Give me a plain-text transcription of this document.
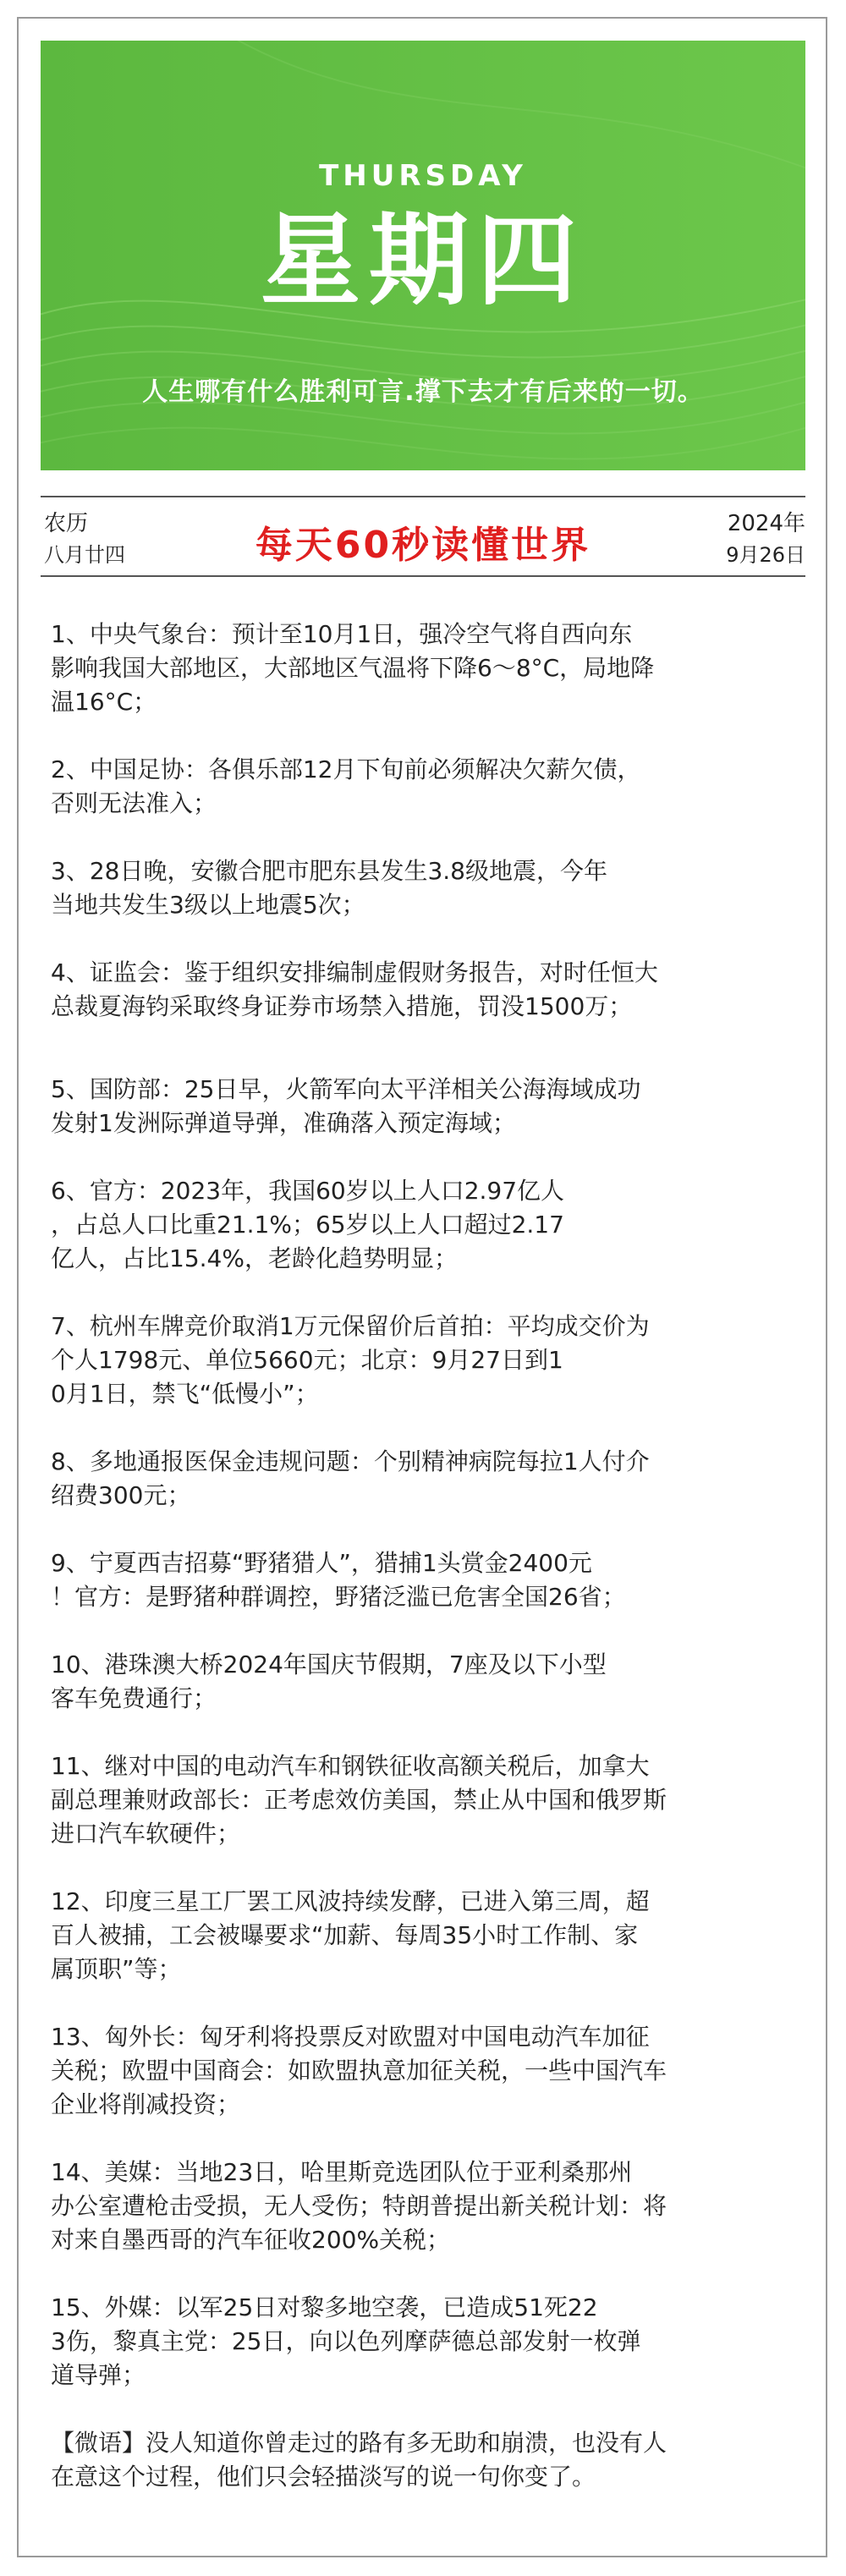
THURSDAY
星期四
人生哪有什么胜利可言.撑下去才有后来的一切。
农历
八月廿四
2024年
9月26日
每天60秒读懂世界
1、中央气象台：预计至10月1日，强冷空气将自西向东
影响我国大部地区，大部地区气温将下降6～8°C，局地降
温16°C；
2、中国足协：各俱乐部12月下旬前必须解决欠薪欠债，
否则无法准入；
3、28日晚，安徽合肥市肥东县发生3.8级地震，今年
当地共发生3级以上地震5次；
4、证监会：鉴于组织安排编制虚假财务报告，对时任恒大
总裁夏海钧采取终身证券市场禁入措施，罚没1500万；
5、国防部：25日早，火箭军向太平洋相关公海海域成功
发射1发洲际弹道导弹，准确落入预定海域；
6、官方：2023年，我国60岁以上人口2.97亿人
，占总人口比重21.1%；65岁以上人口超过2.17
亿人，占比15.4%，老龄化趋势明显；
7、杭州车牌竞价取消1万元保留价后首拍：平均成交价为
个人1798元、单位5660元；北京：9月27日到1
0月1日，禁飞“低慢小”；
8、多地通报医保金违规问题：个别精神病院每拉1人付介
绍费300元；
9、宁夏西吉招募“野猪猎人”，猎捕1头赏金2400元
！官方：是野猪种群调控，野猪泛滥已危害全国26省；
10、港珠澳大桥2024年国庆节假期，7座及以下小型
客车免费通行；
11、继对中国的电动汽车和钢铁征收高额关税后，加拿大
副总理兼财政部长：正考虑效仿美国，禁止从中国和俄罗斯
进口汽车软硬件；
12、印度三星工厂罢工风波持续发酵，已进入第三周，超
百人被捕，工会被曝要求“加薪、每周35小时工作制、家
属顶职”等；
13、匈外长：匈牙利将投票反对欧盟对中国电动汽车加征
关税；欧盟中国商会：如欧盟执意加征关税，一些中国汽车
企业将削减投资；
14、美媒：当地23日，哈里斯竞选团队位于亚利桑那州
办公室遭枪击受损，无人受伤；特朗普提出新关税计划：将
对来自墨西哥的汽车征收200%关税；
15、外媒：以军25日对黎多地空袭，已造成51死22
3伤，黎真主党：25日，向以色列摩萨德总部发射一枚弹
道导弹；
【微语】没人知道你曾走过的路有多无助和崩溃，也没有人
在意这个过程，他们只会轻描淡写的说一句你变了。
